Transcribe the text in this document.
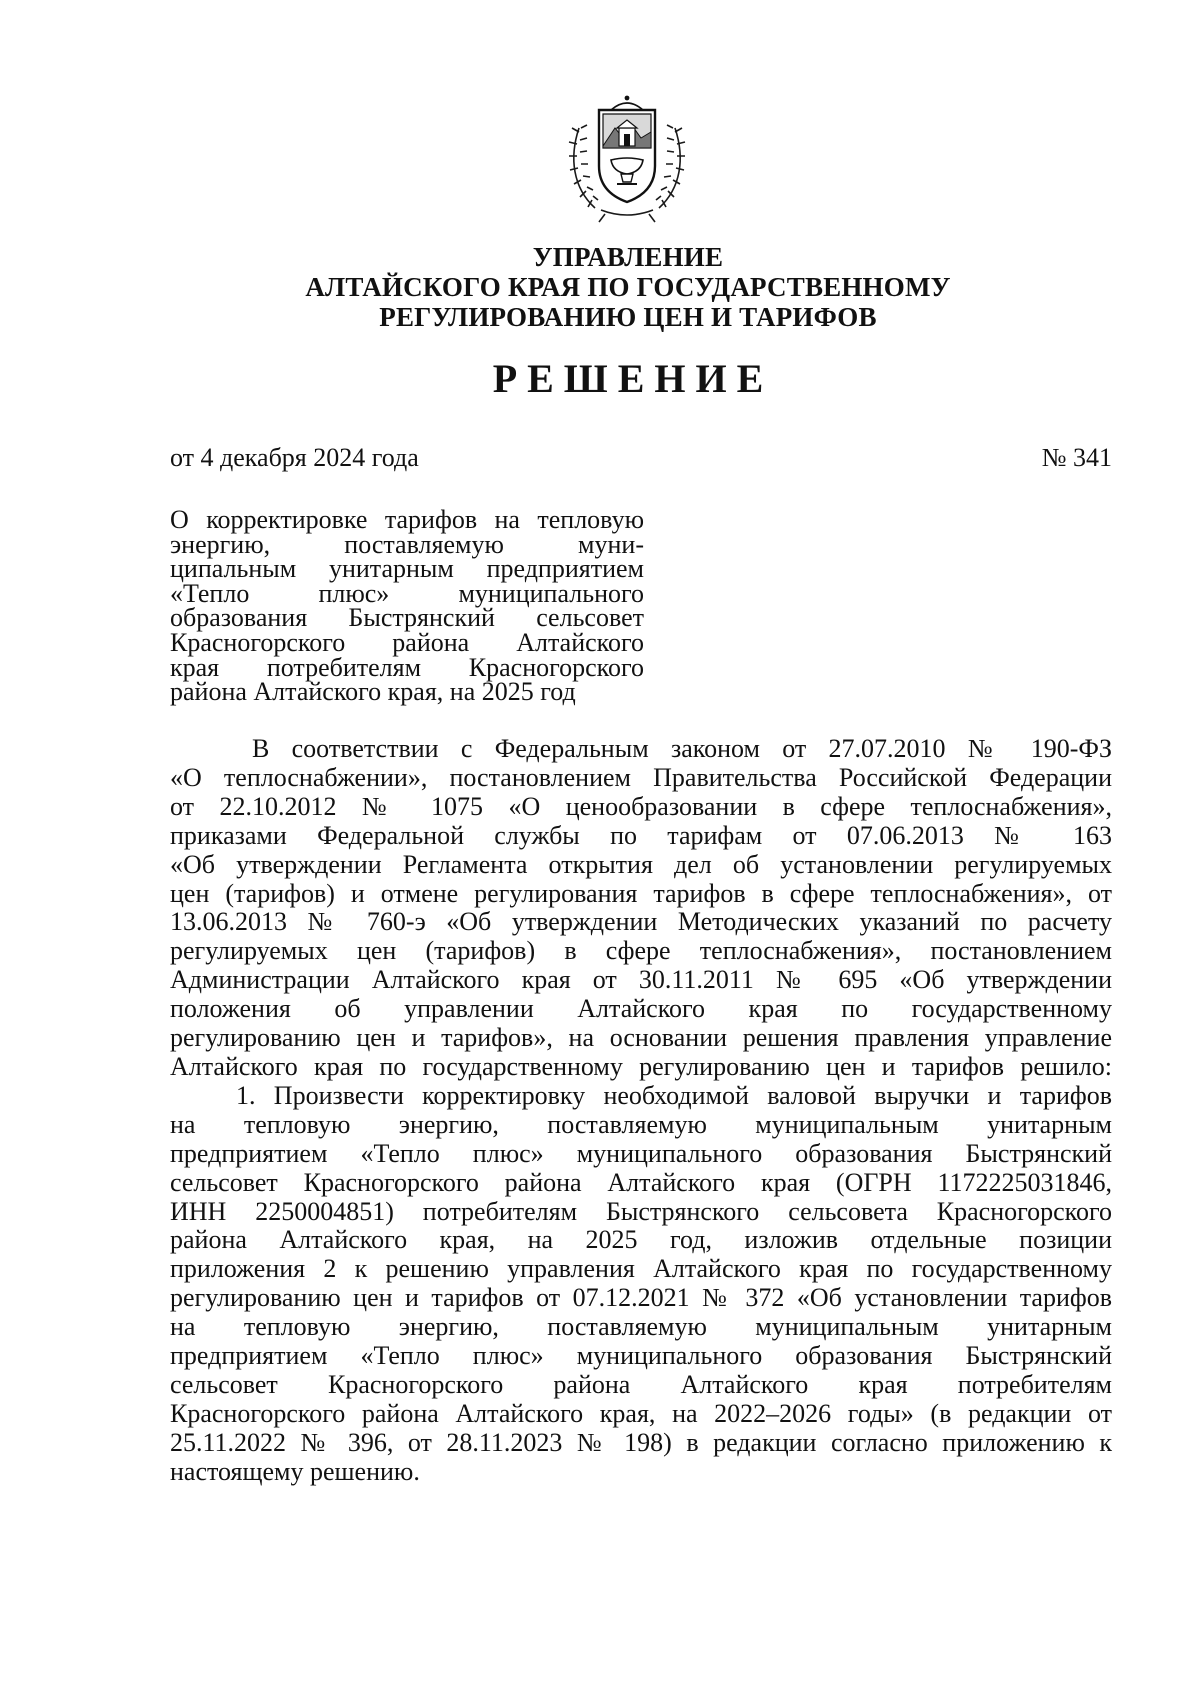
УПРАВЛЕНИЕ
АЛТАЙСКОГО КРАЯ ПО ГОСУДАРСТВЕННОМУ
РЕГУЛИРОВАНИЮ ЦЕН И ТАРИФОВ
РЕШЕНИЕ
от 4 декабря 2024 года	№ 341
О корректировке тарифов на тепловую
энергию, поставляемую муни-
ципальным унитарным предприятием
«Тепло плюс» муниципального
образования Быстрянский сельсовет
Красногорского района Алтайского
края потребителям Красногорского
района Алтайского края, на 2025 год
В соответствии с Федеральным законом от 27.07.2010 № 190-ФЗ
«О теплоснабжении», постановлением Правительства Российской Федерации
от 22.10.2012 № 1075 «О ценообразовании в сфере теплоснабжения»,
приказами Федеральной службы по тарифам от 07.06.2013 № 163
«Об утверждении Регламента открытия дел об установлении регулируемых
цен (тарифов) и отмене регулирования тарифов в сфере теплоснабжения», от
13.06.2013 № 760-э «Об утверждении Методических указаний по расчету
регулируемых цен (тарифов) в сфере теплоснабжения», постановлением
Администрации Алтайского края от 30.11.2011 № 695 «Об утверждении
положения об управлении Алтайского края по государственному
регулированию цен и тарифов», на основании решения правления управление
Алтайского края по государственному регулированию цен и тарифов решило:
1. Произвести корректировку необходимой валовой выручки и тарифов
на тепловую энергию, поставляемую муниципальным унитарным
предприятием «Тепло плюс» муниципального образования Быстрянский
сельсовет Красногорского района Алтайского края (ОГРН 1172225031846,
ИНН 2250004851) потребителям Быстрянского сельсовета Красногорского
района Алтайского края, на 2025 год, изложив отдельные позиции
приложения 2 к решению управления Алтайского края по государственному
регулированию цен и тарифов от 07.12.2021 № 372 «Об установлении тарифов
на тепловую энергию, поставляемую муниципальным унитарным
предприятием «Тепло плюс» муниципального образования Быстрянский
сельсовет Красногорского района Алтайского края потребителям
Красногорского района Алтайского края, на 2022–2026 годы» (в редакции от
25.11.2022 № 396, от 28.11.2023 № 198) в редакции согласно приложению к
настоящему решению.
